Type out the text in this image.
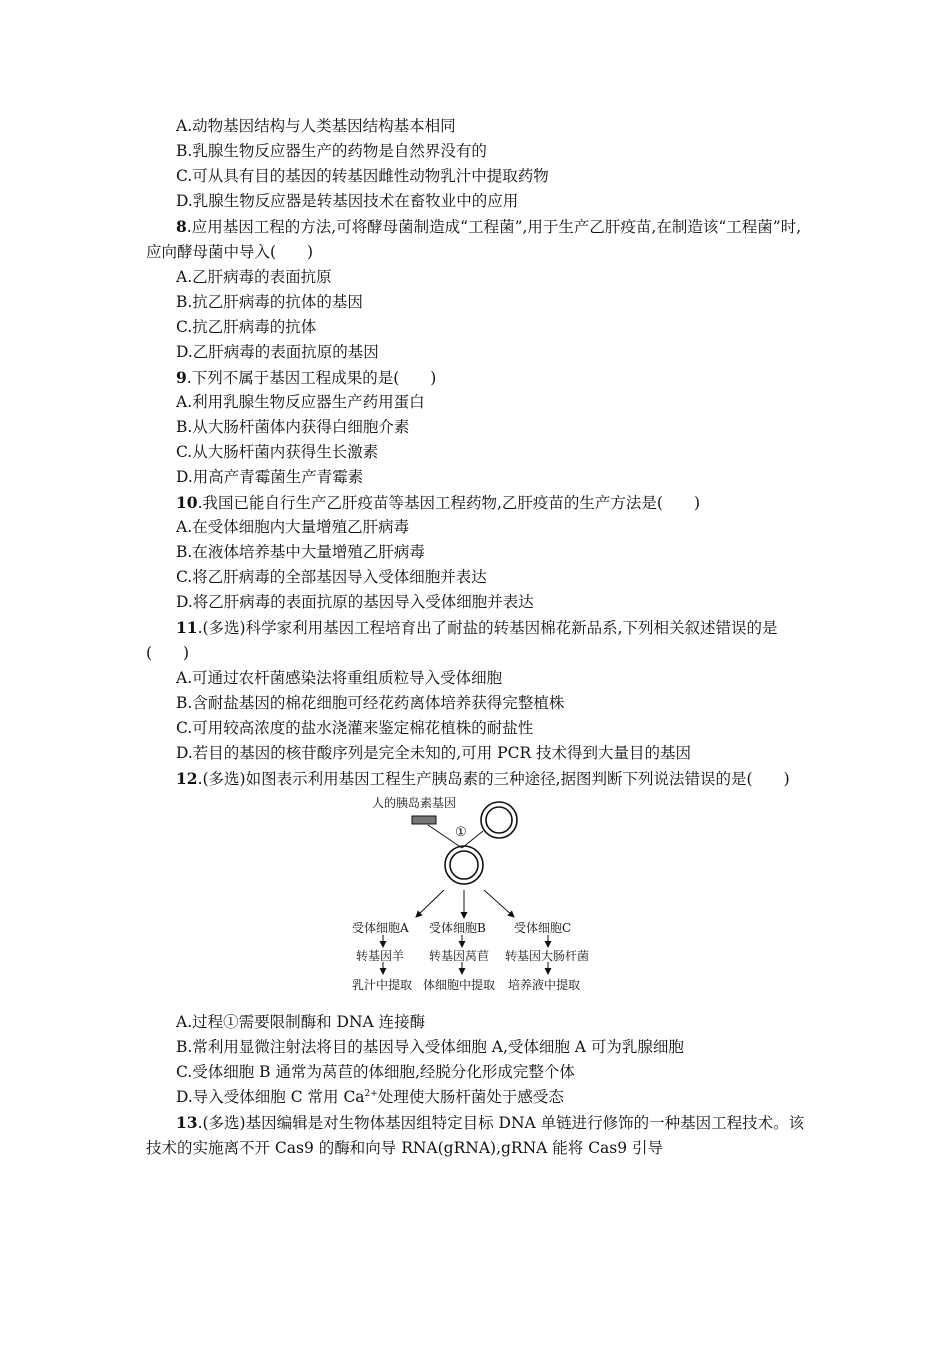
A.动物基因结构与人类基因结构基本相同
B.乳腺生物反应器生产的药物是自然界没有的
C.可从具有目的基因的转基因雌性动物乳汁中提取药物
D.乳腺生物反应器是转基因技术在畜牧业中的应用
8.应用基因工程的方法,可将酵母菌制造成“工程菌”,用于生产乙肝疫苗,在制造该“工程菌”时,应向酵母菌中导入(　　)
A.乙肝病毒的表面抗原
B.抗乙肝病毒的抗体的基因
C.抗乙肝病毒的抗体
D.乙肝病毒的表面抗原的基因
9.下列不属于基因工程成果的是(　　)
A.利用乳腺生物反应器生产药用蛋白
B.从大肠杆菌体内获得白细胞介素
C.从大肠杆菌内获得生长激素
D.用高产青霉菌生产青霉素
10.我国已能自行生产乙肝疫苗等基因工程药物,乙肝疫苗的生产方法是(　　)
A.在受体细胞内大量增殖乙肝病毒
B.在液体培养基中大量增殖乙肝病毒
C.将乙肝病毒的全部基因导入受体细胞并表达
D.将乙肝病毒的表面抗原的基因导入受体细胞并表达
11.(多选)科学家利用基因工程培育出了耐盐的转基因棉花新品系,下列相关叙述错误的是(　　)
A.可通过农杆菌感染法将重组质粒导入受体细胞
B.含耐盐基因的棉花细胞可经花药离体培养获得完整植株
C.可用较高浓度的盐水浇灌来鉴定棉花植株的耐盐性
D.若目的基因的核苷酸序列是完全未知的,可用 PCR 技术得到大量目的基因
12.(多选)如图表示利用基因工程生产胰岛素的三种途径,据图判断下列说法错误的是(　　)
人的胰岛素基因
①
受体细胞A 受体细胞B 受体细胞C
转基因羊 转基因莴苣 转基因大肠杆菌
乳汁中提取 体细胞中提取 培养液中提取
A.过程①需要限制酶和 DNA 连接酶
B.常利用显微注射法将目的基因导入受体细胞 A,受体细胞 A 可为乳腺细胞
C.受体细胞 B 通常为莴苣的体细胞,经脱分化形成完整个体
D.导入受体细胞 C 常用 $Ca^{2+}$处理使大肠杆菌处于感受态
13.(多选)基因编辑是对生物体基因组特定目标 DNA 单链进行修饰的一种基因工程技术。该技术的实施离不开 Cas9 的酶和向导 RNA(gRNA),gRNA 能将 Cas9 引导
